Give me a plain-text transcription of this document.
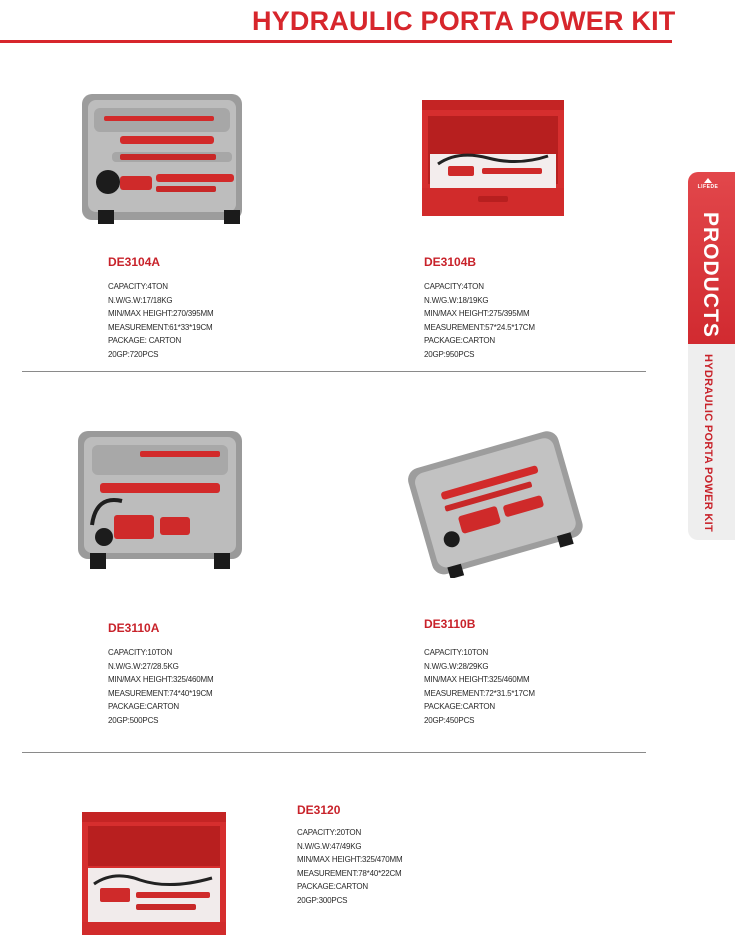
HYDRAULIC PORTA POWER KIT
DE3104A
CAPACITY:4TON
N.W/G.W:17/18KG
MIN/MAX HEIGHT:270/395MM
MEASUREMENT:61*33*19CM
PACKAGE: CARTON
20GP:720PCS
DE3104B
CAPACITY:4TON
N.W/G.W:18/19KG
MIN/MAX HEIGHT:275/395MM
MEASUREMENT:57*24.5*17CM
PACKAGE:CARTON
20GP:950PCS
DE3110A
CAPACITY:10TON
N.W/G.W:27/28.5KG
MIN/MAX HEIGHT:325/460MM
MEASUREMENT:74*40*19CM
PACKAGE:CARTON
20GP:500PCS
DE3110B
CAPACITY:10TON
N.W/G.W:28/29KG
MIN/MAX HEIGHT:325/460MM
MEASUREMENT:72*31.5*17CM
PACKAGE:CARTON
20GP:450PCS
DE3120
CAPACITY:20TON
N.W/G.W:47/49KG
MIN/MAX HEIGHT:325/470MM
MEASUREMENT:78*40*22CM
PACKAGE:CARTON
20GP:300PCS
LIFEDE
PRODUCTS
HYDRAULIC PORTA POWER KIT
